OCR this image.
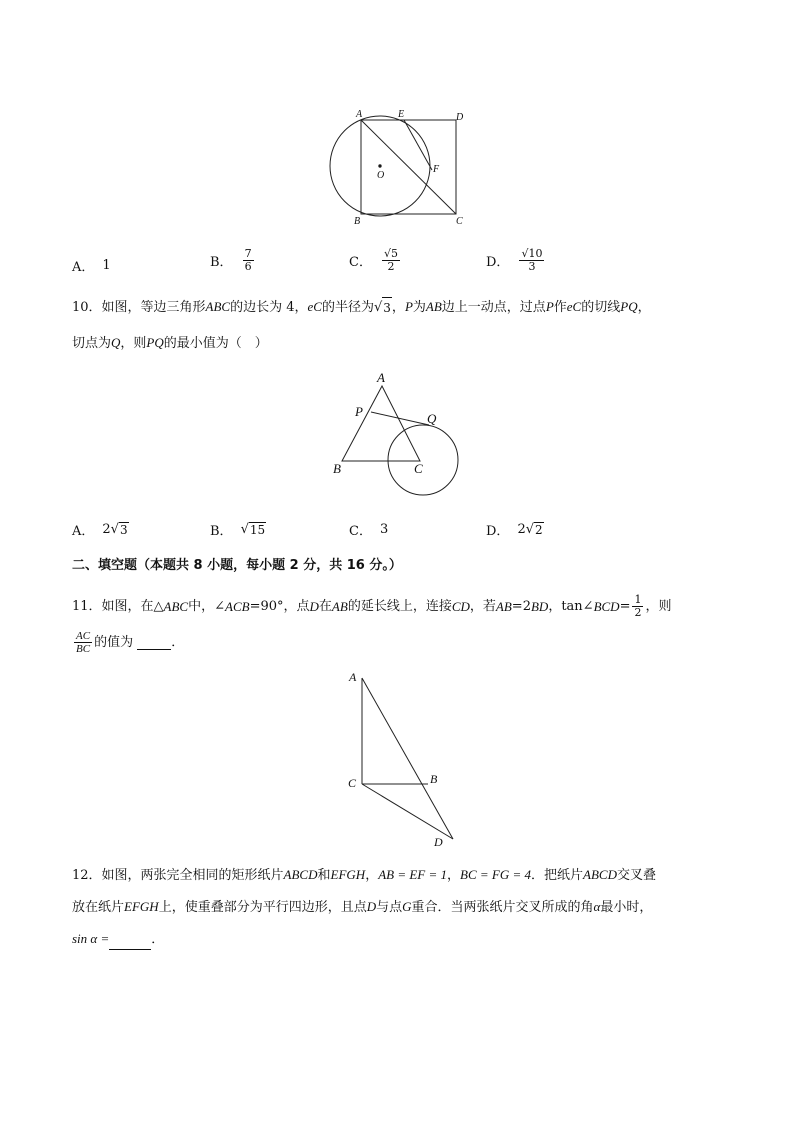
A	E	D
O
F
B	C
A． 1	B． $\frac{7}{6}$	C． $\frac{√5}{2}$	D． $\frac{√10}{3}$
10．如图，等边三角形ABC的边长为 4，eC的半径为 √ 3 ，P为AB边上一动点，过点P作eC的切线PQ，
切点为Q，则PQ的最小值为（　）
A
P	Q
B	C
A． 2 √ 3	B． √ 15	C． 3	D． 2 √ 2
二、填空题（本题共 8 小题，每小题 2 分，共 16 分。）
11．如图，在△ ABC 中，∠ ACB =90°，点 D 在 AB 的延长线上，连接 CD ，若 AB =2 BD ，tan∠ BCD = $\frac{1}{2}$ ，则
$\frac{AC}{BC}$ 的值为
	．
A
C	B
D
12．如图，两张完全相同的矩形纸片ABCD和EFGH，AB = EF = 1，BC = FG = 4．把纸片ABCD交叉叠
放在纸片EFGH上，使重叠部分为平行四边形，且点D与点G重合．当两张纸片交叉所成的角α最小时，
sin α =	．
